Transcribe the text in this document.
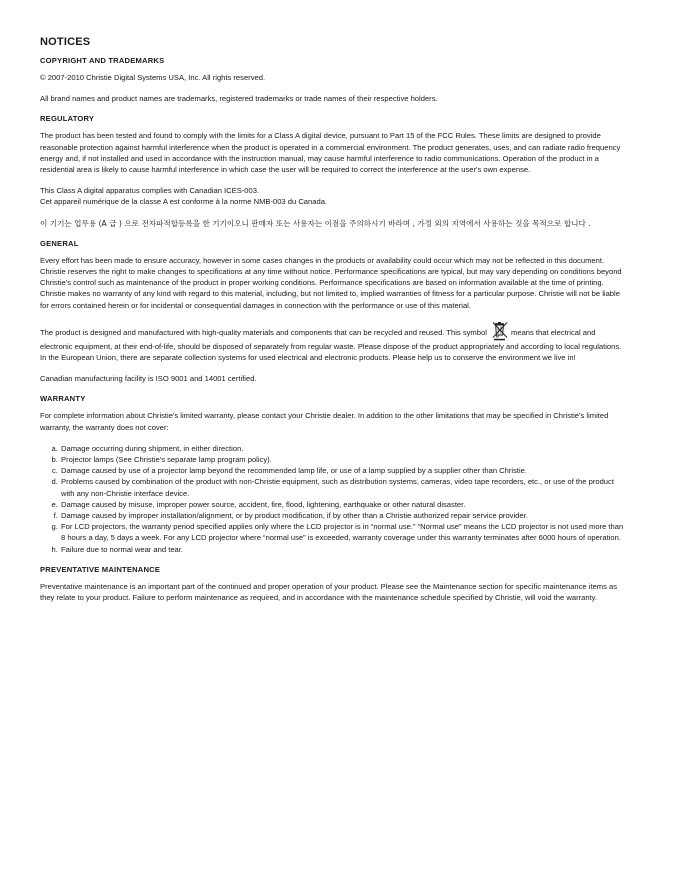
NOTICES
COPYRIGHT AND TRADEMARKS

© 2007-2010 Christie Digital Systems USA, Inc. All rights reserved.

All brand names and product names are trademarks, registered trademarks or trade names of their respective holders.

REGULATORY

The product has been tested and found to comply with the limits for a Class A digital device, pursuant to Part 15 of the FCC Rules. These limits are designed to provide reasonable protection against harmful interference when the product is operated in a commercial environment. The product generates, uses, and can radiate radio frequency energy and, if not installed and used in accordance with the instruction manual, may cause harmful interference to radio communications. Operation of the product in a residential area is likely to cause harmful interference in which case the user will be required to correct the interference at the user's own expense.

This Class A digital apparatus complies with Canadian ICES-003.

Cet appareil numérique de la classe A est conforme à la norme NMB-003 du Canada.

이 기기는 업무용 (A 급 ) 으로 전자파적합등록을 한 기기이오니 판매자 또는 사용자는 이점을 주의하시기 바라며 , 가정 외의 지역에서 사용하는 것을 목적으로 합니다 .

GENERAL

Every effort has been made to ensure accuracy, however in some cases changes in the products or availability could occur which may not be reflected in this document. Christie reserves the right to make changes to specifications at any time without notice. Performance specifications are typical, but may vary depending on conditions beyond Christie's control such as maintenance of the product in proper working conditions. Performance specifications are based on information available at the time of printing. Christie makes no warranty of any kind with regard to this material, including, but not limited to, implied warranties of fitness for a particular purpose. Christie will not be liable for errors contained herein or for incidental or consequential damages in connection with the performance or use of this material.

The product is designed and manufactured with high-quality materials and components that can be recycled and reused. This symbol	means that electrical and electronic equipment, at their end-of-life, should be disposed of separately from regular waste. Please dispose of the product appropriately and according to local regulations. In the European Union, there are separate collection systems for used electrical and electronic products. Please help us to conserve the environment we live in!

Canadian manufacturing facility is ISO 9001 and 14001 certified.

WARRANTY

For complete information about Christie's limited warranty, please contact your Christie dealer. In addition to the other limitations that may be specified in Christie's limited warranty, the warranty does not cover:

a. Damage occurring during shipment, in either direction.
b. Projector lamps (See Christie's separate lamp program policy).
c. Damage caused by use of a projector lamp beyond the recommended lamp life, or use of a lamp supplied by a supplier other than Christie.
d. Problems caused by combination of the product with non-Christie equipment, such as distribution systems, cameras, video tape recorders, etc., or use of the product with any non-Christie interface device.
e. Damage caused by misuse, improper power source, accident, fire, flood, lightening, earthquake or other natural disaster.
f. Damage caused by improper installation/alignment, or by product modification, if by other than a Christie authorized repair service provider.
g. For LCD projectors, the warranty period specified applies only where the LCD projector is in “normal use.” “Normal use” means the LCD projector is not used more than 8 hours a day, 5 days a week. For any LCD projector where “normal use” is exceeded, warranty coverage under this warranty terminates after 6000 hours of operation.
h. Failure due to normal wear and tear.
PREVENTATIVE MAINTENANCE

Preventative maintenance is an important part of the continued and proper operation of your product. Please see the Maintenance section for specific maintenance items as they relate to your product. Failure to perform maintenance as required, and in accordance with the maintenance schedule specified by Christie, will void the warranty.
